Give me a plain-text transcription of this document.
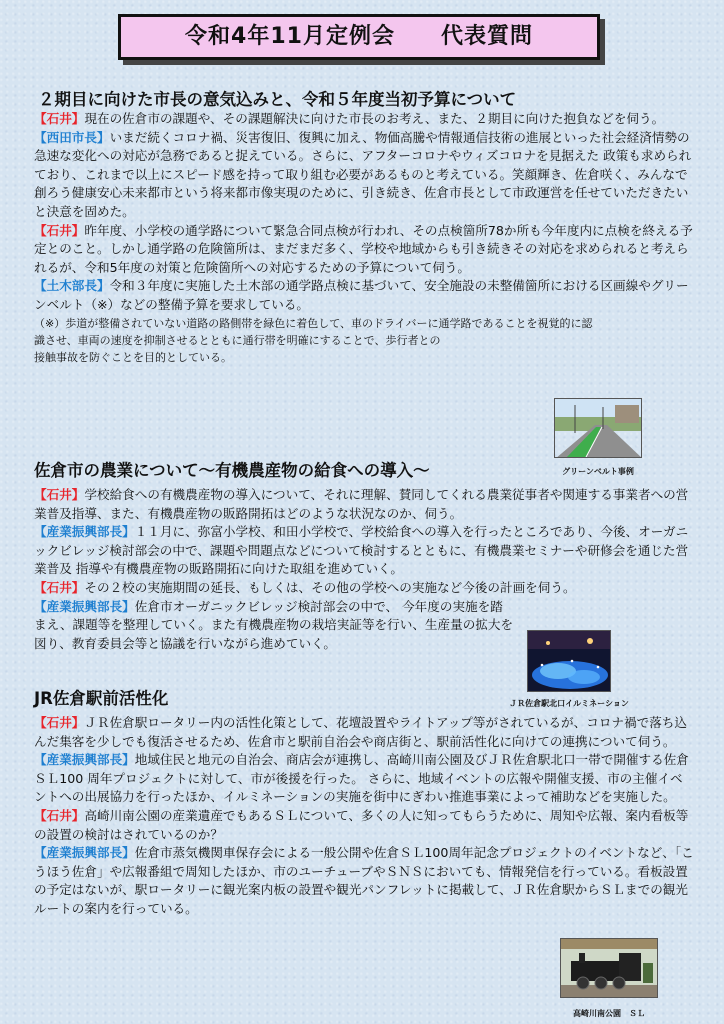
令和4年11月定例会　　代表質問
２期目に向けた市長の意気込みと、令和５年度当初予算について

【石井】現在の佐倉市の課題や、その課題解決に向けた市長のお考え、また、２期目に向けた抱負などを伺う。

【西田市長】いまだ続くコロナ禍、災害復旧、復興に加え、物価高騰や情報通信技術の進展といった社会経済情勢の急速な変化への対応が急務であると捉えている。さらに、アフターコロナやウィズコロナを見据えた 政策も求められており、これまで以上にスピード感を持って取り組む必要があるものと考えている。笑顔輝き、佐倉咲く、みんなで創ろう健康安心未来都市という将来都市像実現のために、引き続き、佐倉市長として市政運営を任せていただきたいと決意を固めた。

【石井】昨年度、小学校の通学路について緊急合同点検が行われ、その点検箇所78か所も今年度内に点検を終える予定とのこと。しかし通学路の危険箇所は、まだまだ多く、学校や地域からも引き続きその対応を求められると考えられるが、令和5年度の対策と危険箇所への対応するための予算について伺う。

【土木部長】令和３年度に実施した土木部の通学路点検に基づいて、安全施設の未整備箇所における区画線やグリーンベルト（※）などの整備予算を要求している。

（※）歩道が整備されていない道路の路側帯を緑色に着色して、車のドライバーに通学路であることを視覚的に認
識させ、車両の速度を抑制させるとともに通行帯を明確にすることで、歩行者との
接触事故を防ぐことを目的としている。
グリーンベルト事例
佐倉市の農業について～有機農産物の給食への導入～

【石井】学校給食への有機農産物の導入について、それに理解、賛同してくれる農業従事者や関連する事業者への営業普及指導、また、有機農産物の販路開拓はどのような状況なのか、伺う。

【産業振興部長】１１月に、弥富小学校、和田小学校で、学校給食への導入を行ったところであり、今後、オーガニックビレッジ検討部会の中で、課題や問題点などについて検討するとともに、有機農業セミナーや研修会を通じた営業普及 指導や有機農産物の販路開拓に向けた取組を進めていく。

【石井】その２校の実施期間の延長、もしくは、その他の学校への実施など今後の計画を伺う。

【産業振興部長】佐倉市オーガニックビレッジ検討部会の中で、 今年度の実施を踏まえ、課題等を整理していく。また有機農産物の栽培実証等を行い、生産量の拡大を図り、教育委員会等と協議を行いながら進めていく。

ＪＲ佐倉駅北口イルミネーション
JR佐倉駅前活性化

【石井】ＪＲ佐倉駅ロータリー内の活性化策として、花壇設置やライトアップ等がされているが、コロナ禍で落ち込んだ集客を少しでも復活させるため、佐倉市と駅前自治会や商店街と、駅前活性化に向けての連携について伺う。

【産業振興部長】地域住民と地元の自治会、商店会が連携し、高崎川南公園及びＪＲ佐倉駅北口一帯で開催する佐倉ＳＬ100 周年プロジェクトに対して、市が後援を行った。 さらに、地域イベントの広報や開催支援、市の主催イベントへの出展協力を行ったほか、イルミネーションの実施を街中にぎわい推進事業によって補助などを実施した。

【石井】高崎川南公園の産業遺産でもあるＳＬについて、多くの人に知ってもらうために、周知や広報、案内看板等の設置の検討はされているのか？

【産業振興部長】佐倉市蒸気機関車保存会による一般公開や佐倉ＳＬ100周年記念プロジェクトのイベントなど、「こうほう佐倉」や広報番組で周知したほか、市のユーチューブやＳＮＳにおいても、情報発信を行っている。看板設置の予定はないが、駅ロータリーに観光案内板の設置や観光パンフレットに掲載して、ＪＲ佐倉駅からＳＬまでの観光ルートの案内を行っている。

高崎川南公園　ＳＬ
